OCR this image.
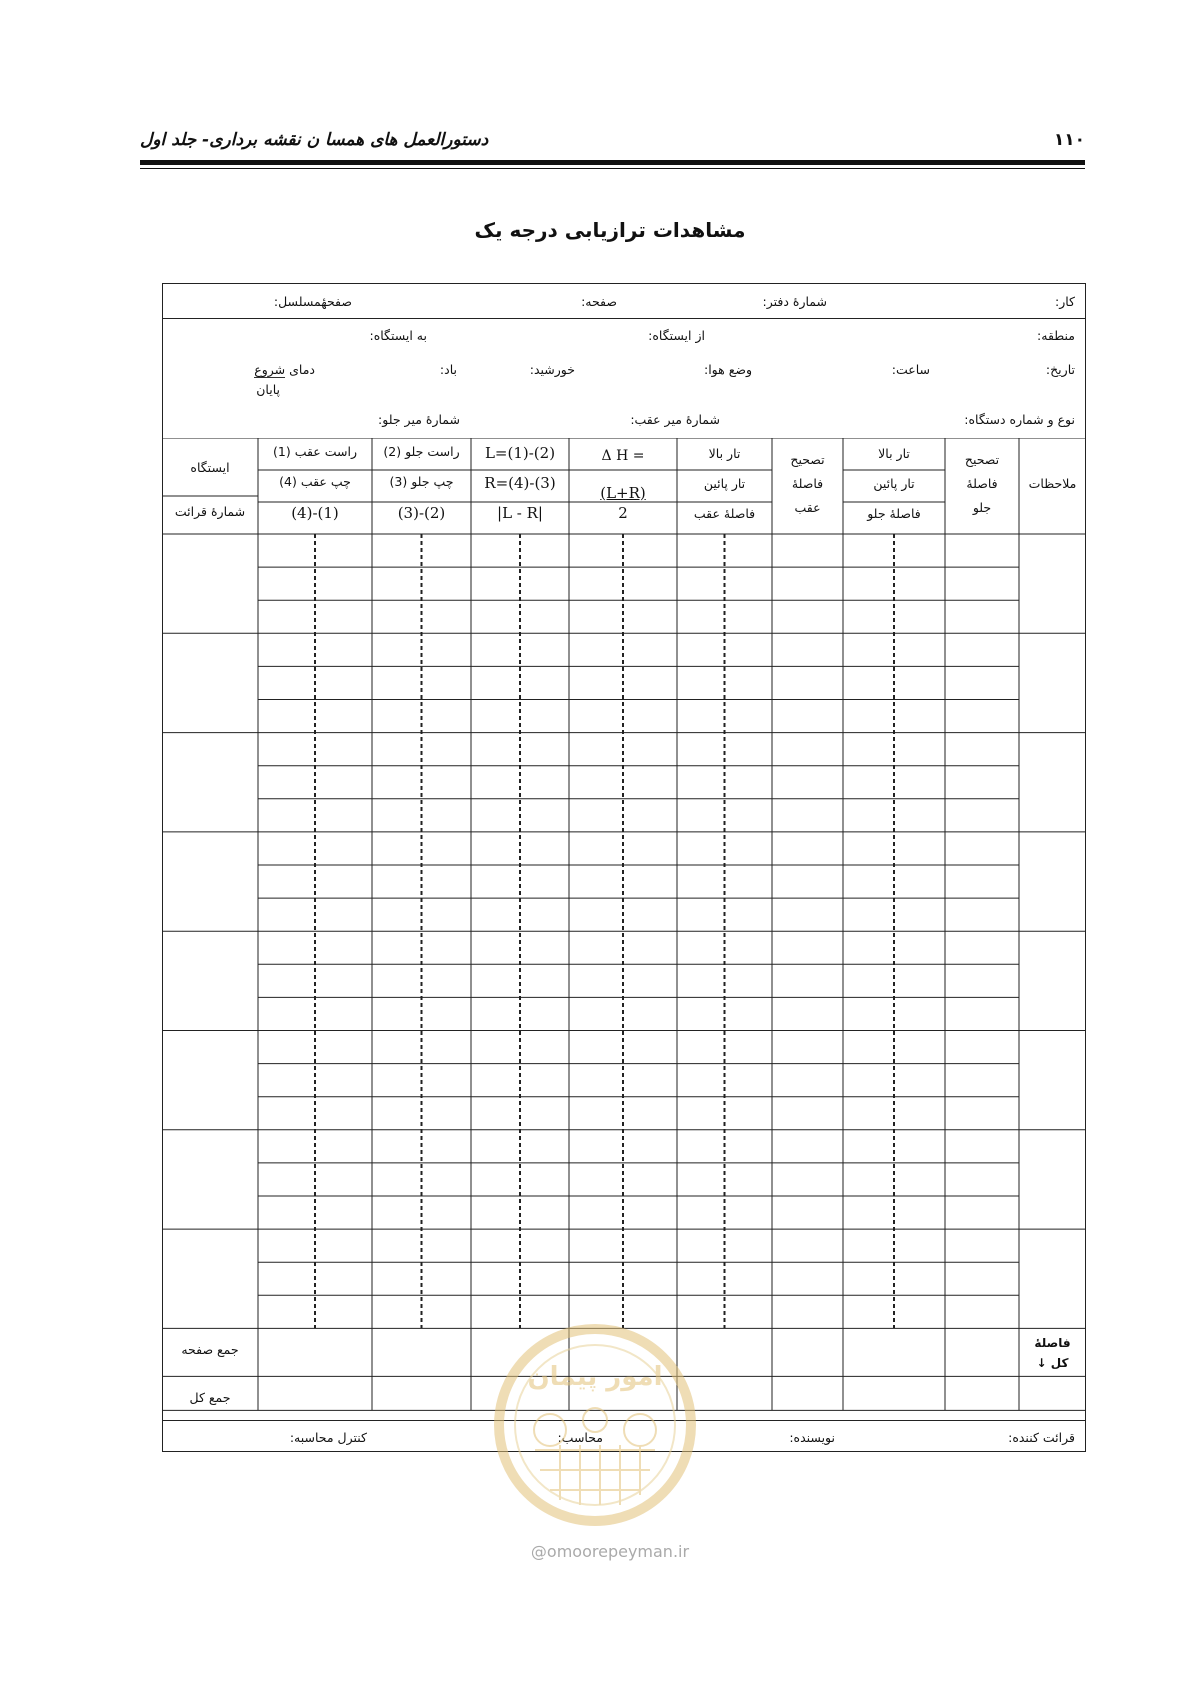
۱۱۰
دستورالعمل های همسا ن نقشه برداری- جلد اول
مشاهدات ترازیابی درجه یک
کار:
شمارهٔ دفتر:
صفحه:
صفحهٔمسلسل:
منطقه:
از ایستگاه:
به ایستگاه:
تاریخ:
ساعت:
وضع هوا:
خورشید:
باد:
دمای شروع
پایان
نوع و شماره دستگاه:
شمارهٔ میر عقب:
شمارهٔ میر جلو:
قرائت کننده:
نویسنده:
محاسب:
کنترل محاسبه:
ایستگاه
شمارهٔ قرائت
راست عقب (1)
چپ عقب (4)
(4)-(1)
راست جلو (2)
چپ جلو (3)
(3)-(2)
L=(1)-(2)
R=(4)-(3)
|L - R|
Δ H =
(L+R)
2
تار بالا
تار پائین
فاصلهٔ عقب
تصحیح
فاصلهٔ
عقب
تار بالا
تار پائین
فاصلهٔ جلو
تصحیح
فاصلهٔ
جلو
ملاحظات
جمع صفحه
جمع کل
فاصلهٔ
کل ↓
امور پیمان
@omoorepeyman.ir
